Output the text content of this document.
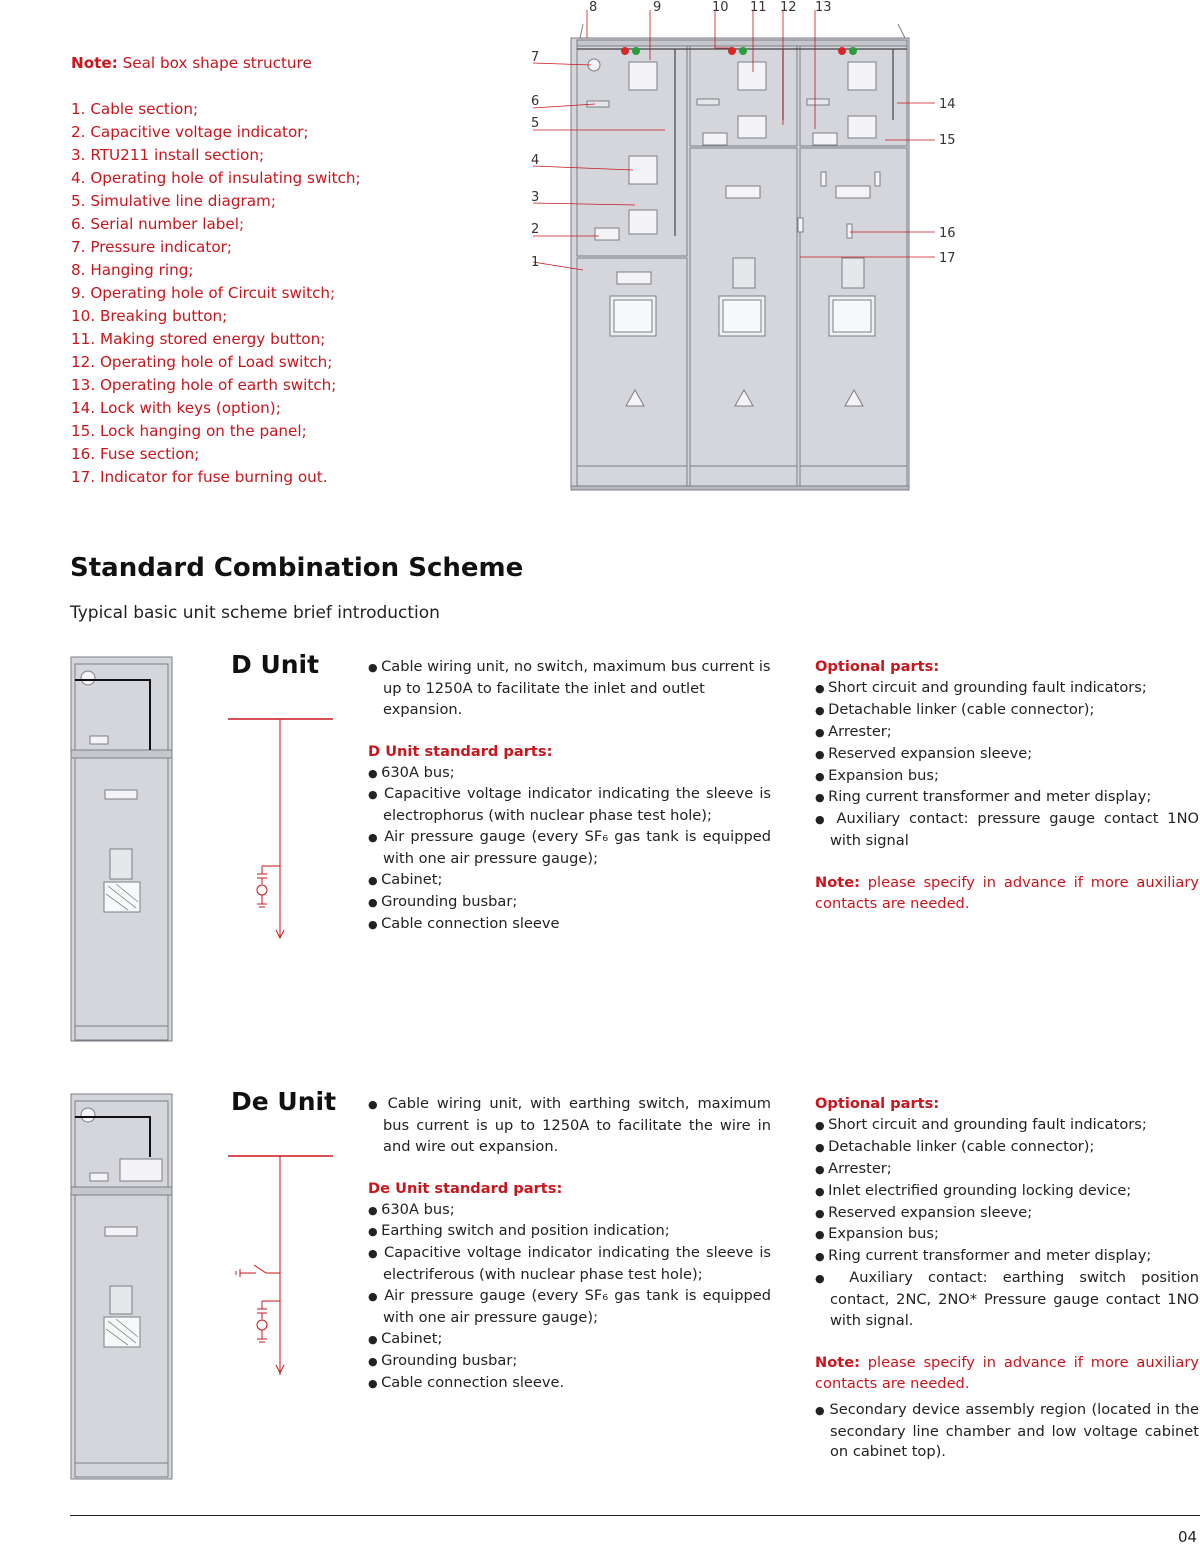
Note: Seal box shape structure
1. Cable section;
2. Capacitive voltage indicator;
3. RTU211 install section;
4. Operating hole of insulating switch;
5. Simulative line diagram;
6. Serial number label;
7. Pressure indicator;
8. Hanging ring;
9. Operating hole of Circuit switch;
10. Breaking button;
11. Making stored energy button;
12. Operating hole of Load switch;
13. Operating hole of earth switch;
14. Lock with keys (option);
15. Lock hanging on the panel;
16. Fuse section;
17. Indicator for fuse burning out.
1
2
3
4
5
6
7
8	9	10 11 12 13
14
15
16
17
Standard Combination Scheme
Typical basic unit scheme brief introduction
D Unit	● Cable wiring unit, no switch, maximum bus current is up to 1250A to facilitate the inlet and outlet expansion.
D Unit standard parts:
● 630A bus;
● Capacitive voltage indicator indicating the sleeve is electrophorus (with nuclear phase test hole);
● Air pressure gauge (every SF₆ gas tank is equipped with one air pressure gauge);
● Cabinet;
● Grounding busbar;
● Cable connection sleeve
Optional parts:
● Short circuit and grounding fault indicators;
● Detachable linker (cable connector);
● Arrester;
● Reserved expansion sleeve;
● Expansion bus;
● Ring current transformer and meter display;
● Auxiliary contact: pressure gauge contact 1NO with signal
Note: please specify in advance if more auxiliary contacts are needed.
De Unit	● Cable wiring unit, with earthing switch, maximum bus current is up to 1250A to facilitate the wire in and wire out expansion.
De Unit standard parts:
● 630A bus;
● Earthing switch and position indication;
● Capacitive voltage indicator indicating the sleeve is electriferous (with nuclear phase test hole);
● Air pressure gauge (every SF₆ gas tank is equipped with one air pressure gauge);
● Cabinet;
● Grounding busbar;
● Cable connection sleeve.
Optional parts:
● Short circuit and grounding fault indicators;
● Detachable linker (cable connector);
● Arrester;
● Inlet electrified grounding locking device;
● Reserved expansion sleeve;
● Expansion bus;
● Ring current transformer and meter display;
● Auxiliary contact: earthing switch position contact, 2NC, 2NO* Pressure gauge contact 1NO with signal.
Note: please specify in advance if more auxiliary contacts are needed.
● Secondary device assembly region (located in the secondary line chamber and low voltage cabinet on cabinet top).
04
